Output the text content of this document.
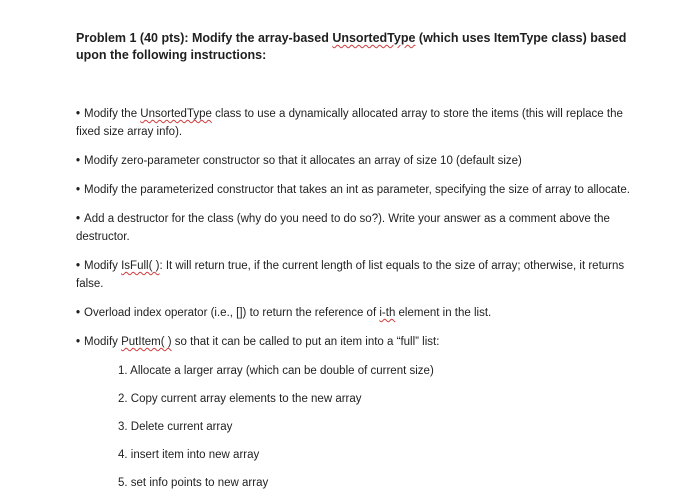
Problem 1 (40 pts): Modify the array-based UnsortedType (which uses ItemType class) based upon the following instructions:

• Modify the UnsortedType class to use a dynamically allocated array to store the items (this will replace the fixed size array info).
• Modify zero-parameter constructor so that it allocates an array of size 10 (default size)
• Modify the parameterized constructor that takes an int as parameter, specifying the size of array to allocate.
• Add a destructor for the class (why do you need to do so?). Write your answer as a comment above the destructor.
• Modify IsFull( ): It will return true, if the current length of list equals to the size of array; otherwise, it returns false.
• Overload index operator (i.e., []) to return the reference of i-th element in the list.
• Modify PutItem( ) so that it can be called to put an item into a “full” list:
1. Allocate a larger array (which can be double of current size)
2. Copy current array elements to the new array
3. Delete current array
4. insert item into new array
5. set info points to new array
